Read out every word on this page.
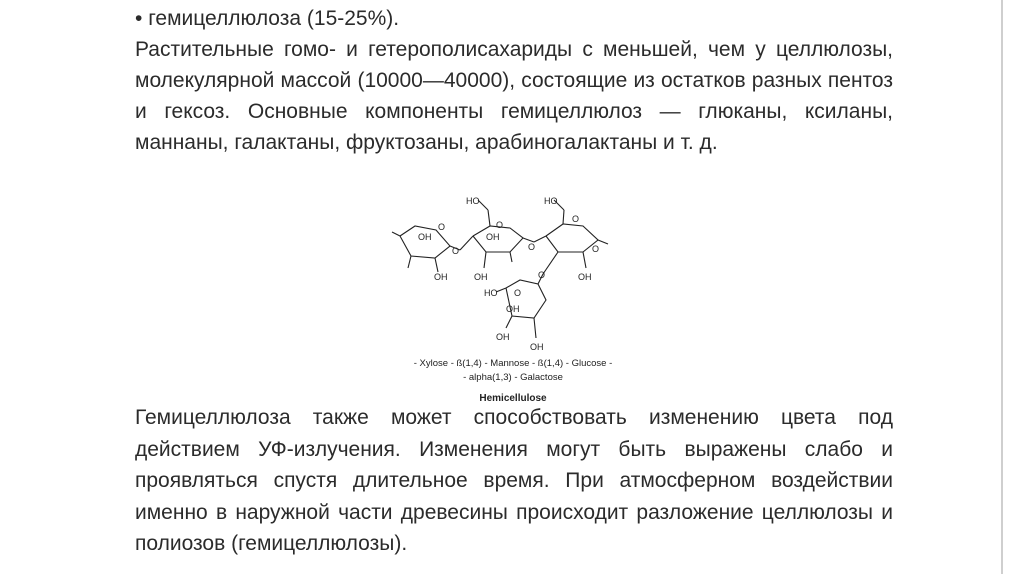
• гемицеллюлоза (15-25%).
Растительные гомо- и гетерополисахариды с меньшей, чем у целлюлозы, молекулярной массой (10000—40000), состоящие из остатков разных пентоз и гексоз. Основные компоненты гемицеллюлоз — глюканы, ксиланы, маннаны, галактаны, фруктозаны, арабиногалактаны и т. д.
O
O
OH
OH
HO
O
OH
OH
O
HO
O
O
OH
O
HO O
OH
OH
OH
- Xylose - ß(1,4) - Mannose - ß(1,4) - Glucose -
- alpha(1,3) - Galactose
Hemicellulose
Гемицеллюлоза также может способствовать изменению цвета под действием УФ-излучения. Изменения могут быть выражены слабо и проявляться спустя длительное время. При атмосферном воздействии именно в наружной части древесины происходит разложение целлюлозы и полиозов (гемицеллюлозы).
